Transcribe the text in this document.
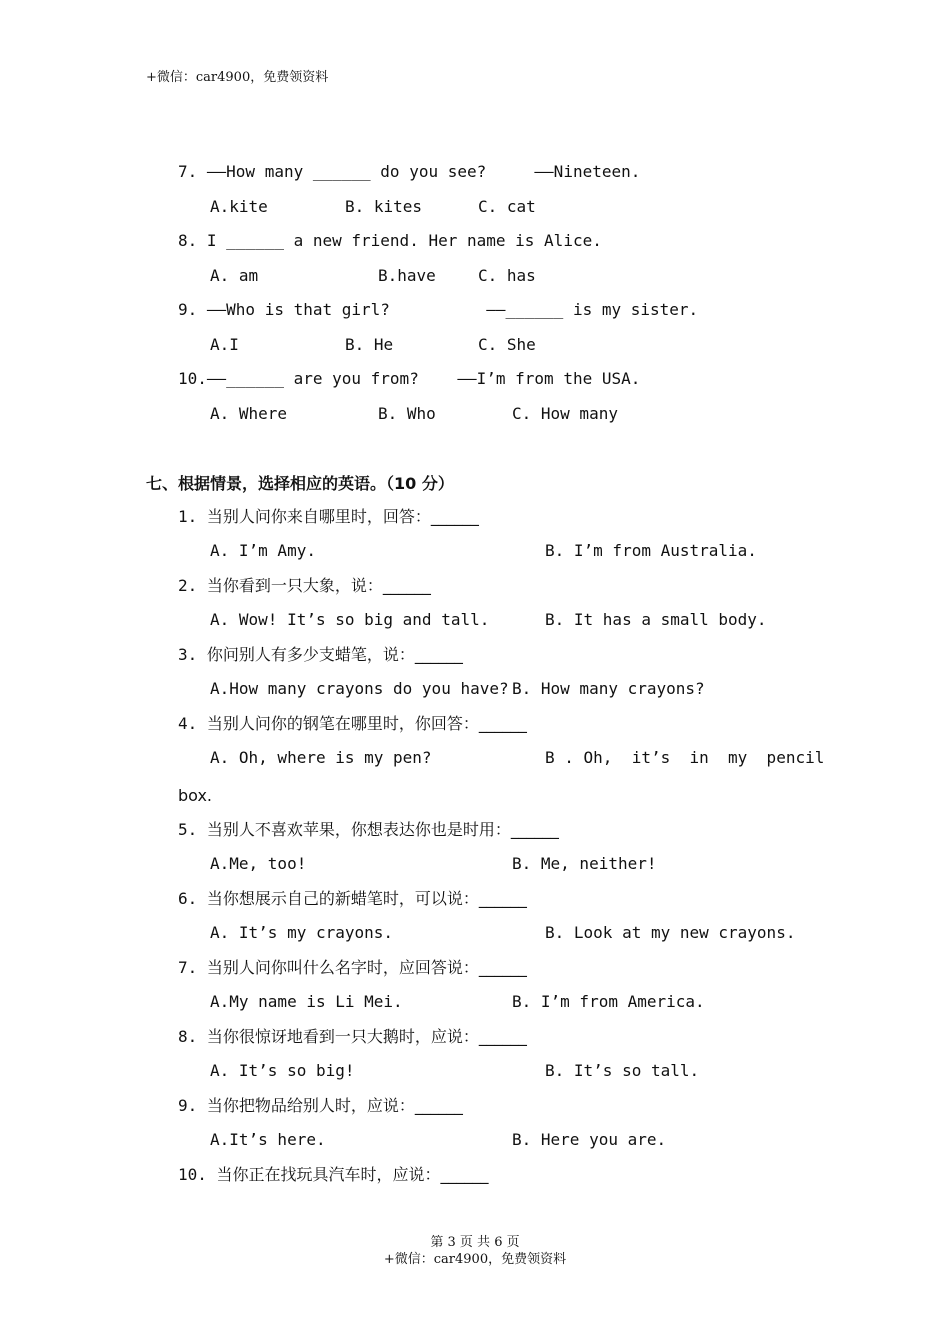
+微信：car4900，免费领资料
7. ——How many ______ do you see?     ——Nineteen.
A.kite	B. kites	C. cat
8. I ______ a new friend. Her name is Alice.
A. am	B.have	C. has
9. ——Who is that girl?          ——______ is my sister.
A.I	B. He	C. She
10.——______ are you from?    ——I’m from the USA.
A. Where	B. Who	C. How many
七、根据情景，选择相应的英语。（10 分）
1. 当别人问你来自哪里时，回答：______
A. I’m Amy.	B. I’m from Australia.
2. 当你看到一只大象，说：______
A. Wow! It’s so big and tall.	B. It has a small body.
3. 你问别人有多少支蜡笔，说：______
A.How many crayons do you have? B. How many crayons?
4. 当别人问你的钢笔在哪里时，你回答：______
A. Oh, where is my pen?	B . Oh,  it’s  in  my  pencil
box.
5. 当别人不喜欢苹果，你想表达你也是时用：______
A.Me, too!	B. Me, neither!
6. 当你想展示自己的新蜡笔时，可以说：______
A. It’s my crayons.	B. Look at my new crayons.
7. 当别人问你叫什么名字时，应回答说：______
A.My name is Li Mei.	B. I’m from America.
8. 当你很惊讶地看到一只大鹅时，应说：______
A. It’s so big!	B. It’s so tall.
9. 当你把物品给别人时，应说：______
A.It’s here.	B. Here you are.
10. 当你正在找玩具汽车时，应说：______
第 3 页 共 6 页
+微信：car4900，免费领资料
